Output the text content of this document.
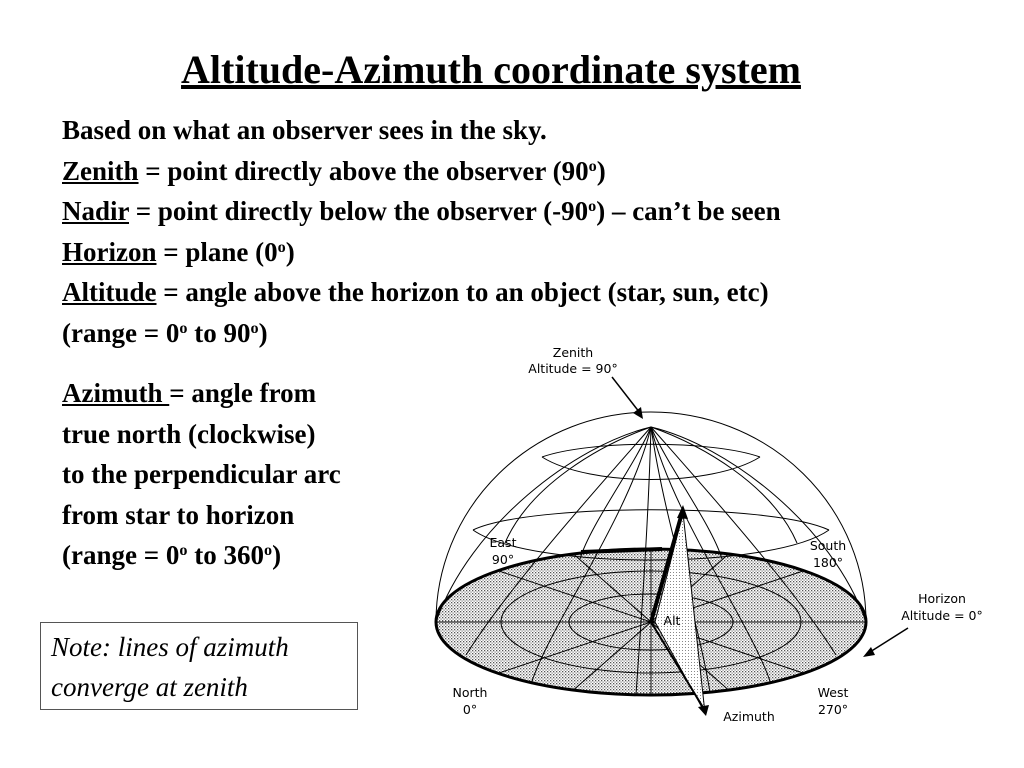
Altitude-Azimuth coordinate system
Based on what an observer sees in the sky.
Zenith = point directly above the observer (90$^o$)
Nadir = point directly below the observer (-90$^o$) – can’t be seen
Horizon = plane (0$^o$)
Altitude = angle above the horizon to an object (star, sun, etc)
(range = $0^o$ to 90$^o$)
Azimuth = angle from
true north (clockwise)
to the perpendicular arc
from star to horizon
(range = $0^o$ to 360$^o$)
Note: lines of azimuth
converge at zenith
Zenith
Altitude = 90°
East
90°
South
180°
Horizon
Altitude = 0°
North
0°
West
270°
Alt
Azimuth
